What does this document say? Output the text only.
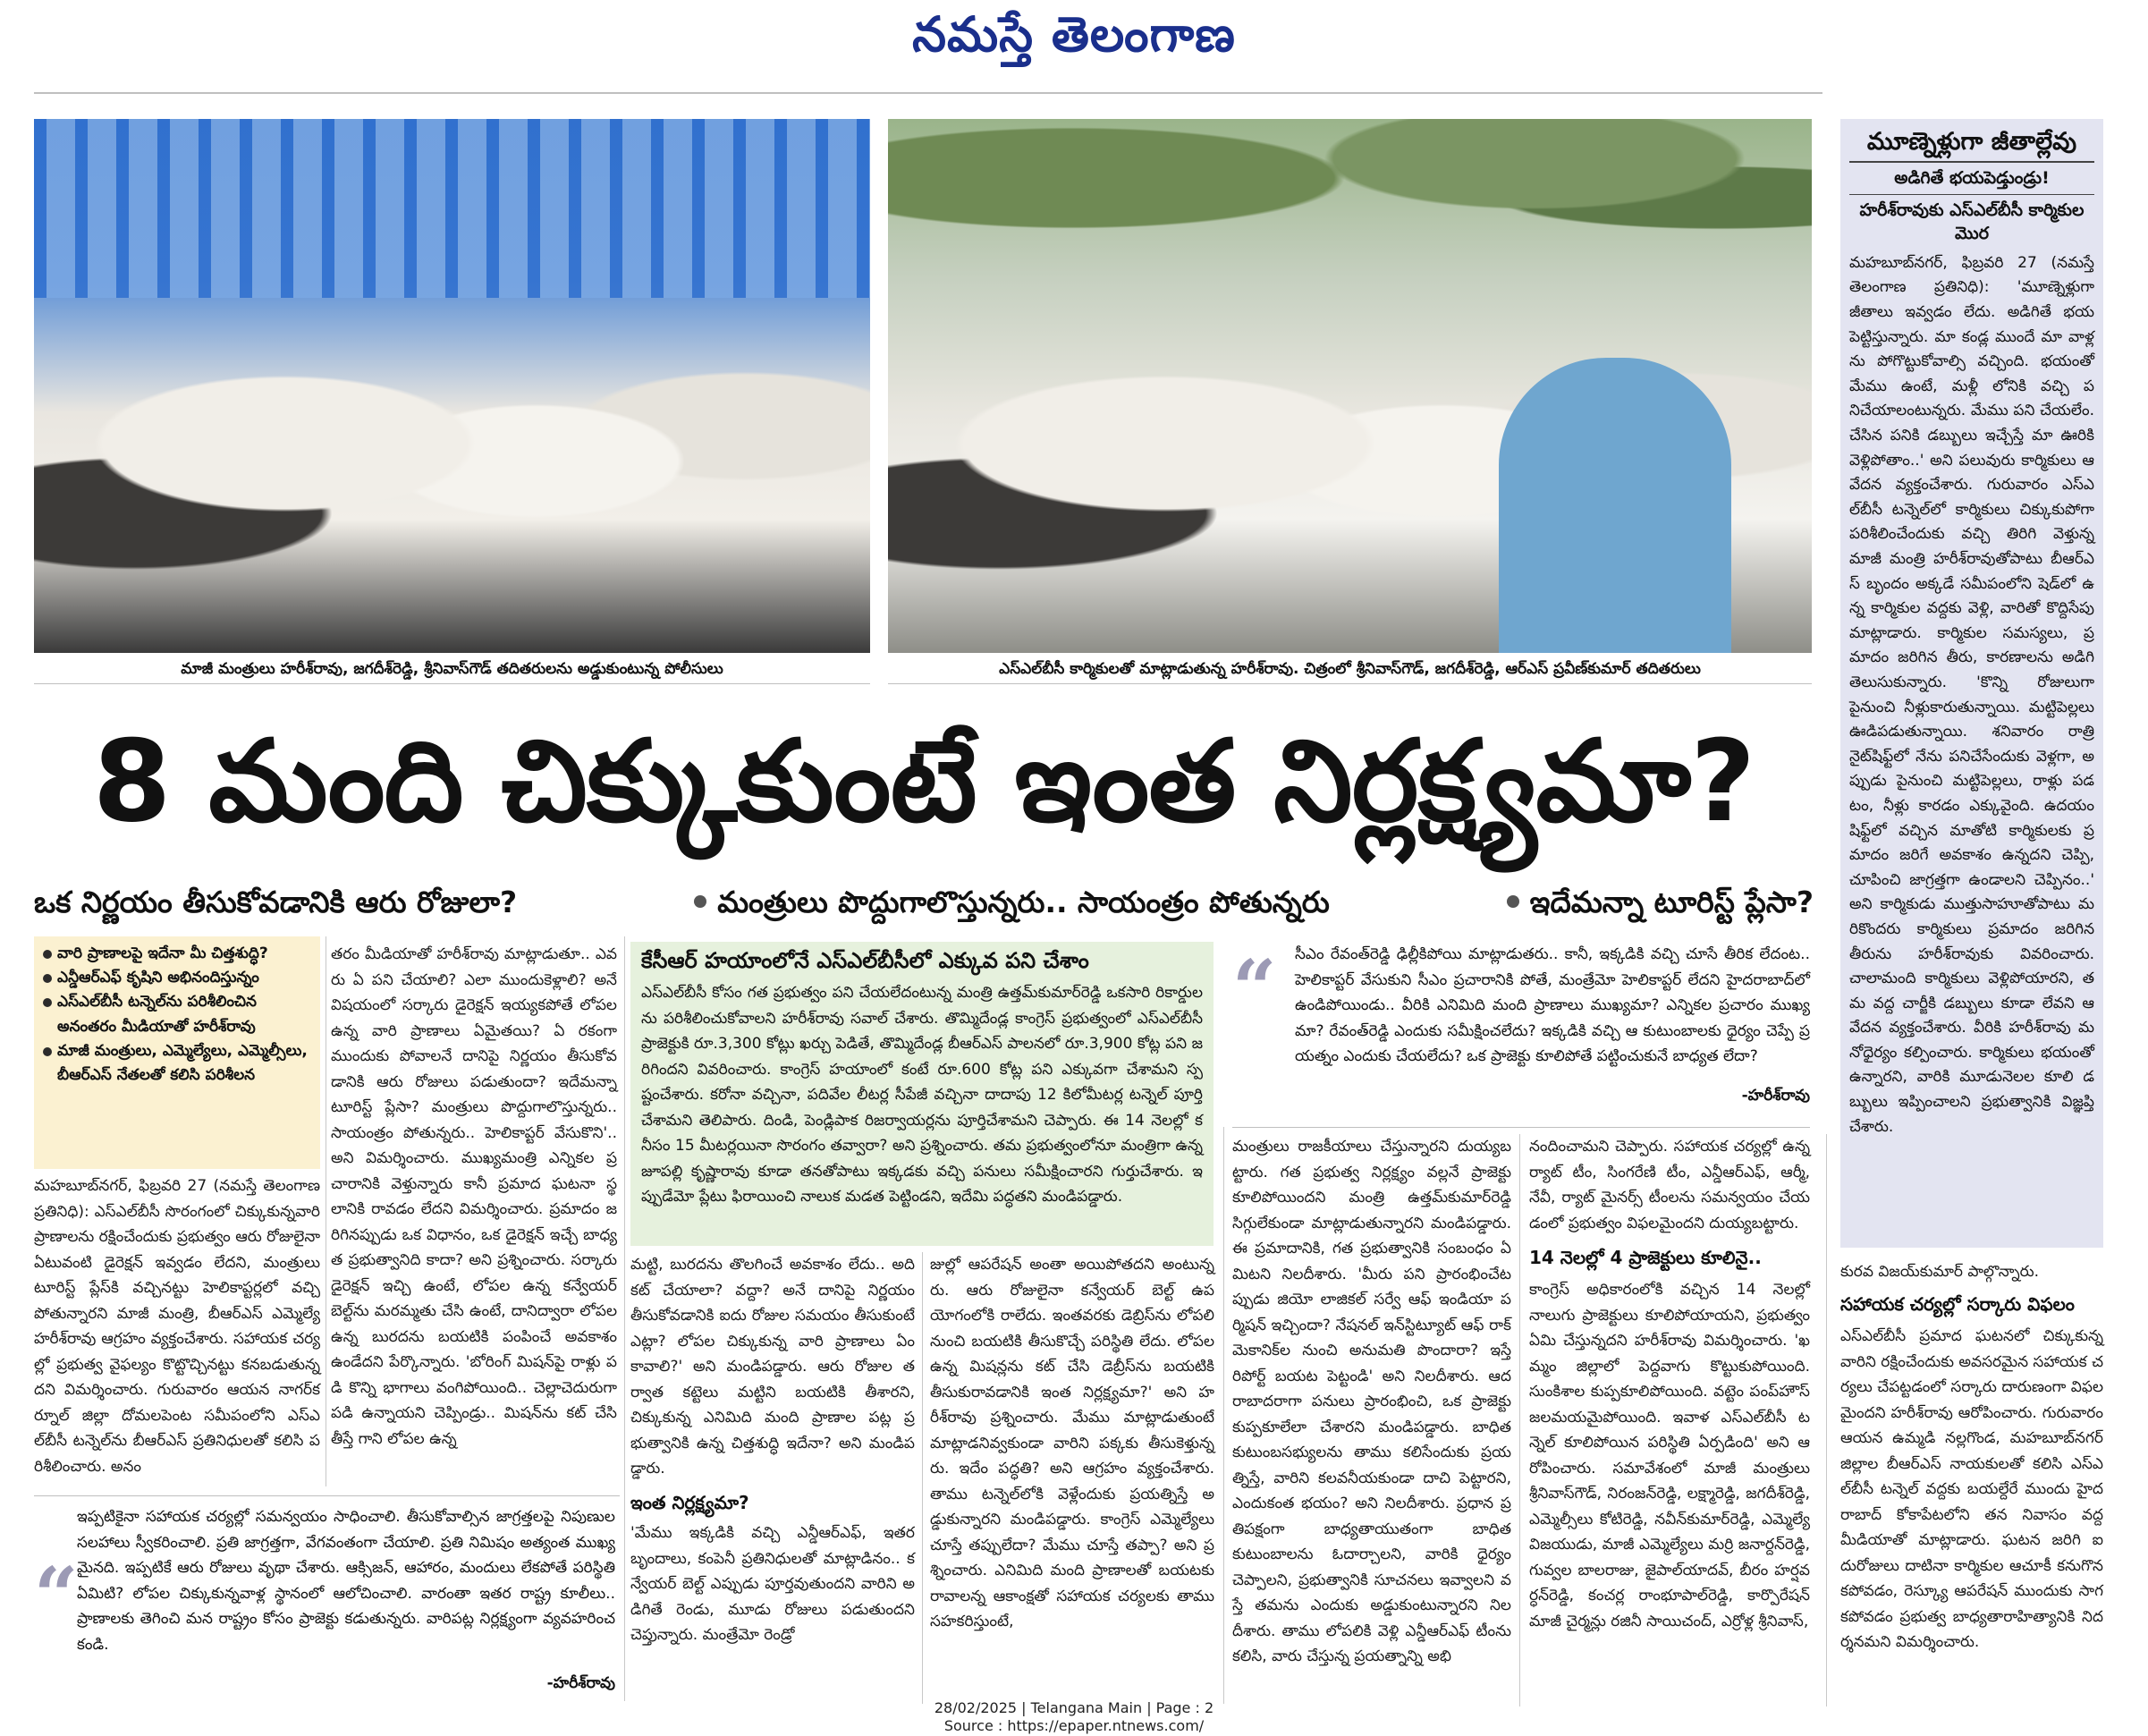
నమస్తే తెలంగాణ
మాజీ మంత్రులు హరీశ్‌రావు, జగదీశ్‌రెడ్డి, శ్రీనివాస్‌గౌడ్ తదితరులను అడ్డుకుంటున్న పోలీసులు	ఎస్‌ఎల్‌బీసీ కార్మికులతో మాట్లాడుతున్న హరీశ్‌రావు. చిత్రంలో శ్రీనివాస్‌గౌడ్, జగదీశ్‌రెడ్డి, ఆర్‌ఎస్ ప్రవీణ్‌కుమార్ తదితరులు
8 మంది చిక్కుకుంటే ఇంత నిర్లక్ష్యమా?
ఒక నిర్ణయం తీసుకోవడానికి ఆరు రోజులా?	మంత్రులు పొద్దుగాలొస్తున్నరు.. సాయంత్రం పోతున్నరు	ఇదేమన్నా టూరిస్ట్ ప్లేసా?
వారి ప్రాణాలపై ఇదేనా మీ చిత్తశుద్ధి?
ఎన్డీఆర్‌ఎఫ్ కృషిని అభినందిస్తున్నం
ఎస్‌ఎల్‌బీసీ టన్నెల్‌ను పరిశీలించిన అనంతరం మీడియాతో హరీశ్‌రావు
మాజీ మంత్రులు, ఎమ్మెల్యేలు, ఎమ్మెల్సీలు, బీఆర్‌ఎస్ నేతలతో కలిసి పరిశీలన
మహబూబ్‌నగర్, ఫిబ్రవరి 27 (నమస్తే తెలంగాణ ప్రతినిధి): ఎస్‌ఎల్‌బీసీ సొరంగంలో చిక్కుకున్నవారి ప్రాణాలను రక్షించేందుకు ప్రభుత్వం ఆరు రోజులైనా ఏటువంటి డైరెక్షన్ ఇవ్వడం లేదని, మంత్రులు టూరిస్ట్ ప్లేస్‌కి వచ్చినట్టు హెలికాప్టర్లలో వచ్చి పోతున్నారని మాజీ మంత్రి, బీఆర్‌ఎస్ ఎమ్మెల్యే హరీశ్‌రావు ఆగ్రహం వ్యక్తంచేశారు. సహాయక చర్యల్లో ప్రభుత్వ వైఫల్యం కొట్టొచ్చినట్టు కనబడుతున్నదని విమర్శించారు. గురువారం ఆయన నాగర్‌కర్నూల్ జిల్లా దోమలపెంట సమీపంలోని ఎస్‌ఎల్‌బీసీ టన్నెల్‌ను బీఆర్‌ఎస్ ప్రతినిధులతో కలిసి పరిశీలించారు. అనం
తరం మీడియాతో హరీశ్‌రావు మాట్లాడుతూ.. ఎవరు ఏ పని చేయాలి? ఎలా ముందుకెళ్లాలి? అనే విషయంలో సర్కారు డైరెక్షన్ ఇయ్యకపోతే లోపల ఉన్న వారి ప్రాణాలు ఏమైతయి? ఏ రకంగా ముందుకు పోవాలనే దానిపై నిర్ణయం తీసుకోవడానికి ఆరు రోజులు పడుతుందా? ఇదేమన్నా టూరిస్ట్ ప్లేసా? మంత్రులు పొద్దుగాలొస్తున్నరు.. సాయంత్రం పోతున్నరు.. హెలికాప్టర్ వేసుకొని'.. అని విమర్శించారు. ముఖ్యమంత్రి ఎన్నికల ప్రచారానికి వెళ్తున్నారు కానీ ప్రమాద ఘటనా స్థలానికి రావడం లేదని విమర్శించారు. ప్రమాదం జరిగినప్పుడు ఒక విధానం, ఒక డైరెక్షన్ ఇచ్చే బాధ్యత ప్రభుత్వానిది కాదా? అని ప్రశ్నించారు. సర్కారు డైరెక్షన్ ఇచ్చి ఉంటే, లోపల ఉన్న కన్వేయర్ బెల్ట్‌ను మరమ్మతు చేసి ఉంటే, దానిద్వారా లోపల ఉన్న బురదను బయటికి పంపించే అవకాశం ఉండేదని పేర్కొన్నారు. 'బోరింగ్ మిషన్‌పై రాళ్లు పడి కొన్ని భాగాలు వంగిపోయింది.. చెల్లాచెదురుగా పడి ఉన్నాయని చెప్పిండ్రు.. మిషన్‌ను కట్ చేసి తీస్తే గాని లోపల ఉన్న
కేసీఆర్ హయాంలోనే ఎస్‌ఎల్‌బీసీలో ఎక్కువ పని చేశాం
ఎస్‌ఎల్‌బీసీ కోసం గత ప్రభుత్వం పని చేయలేదంటున్న మంత్రి ఉత్తమ్‌కుమార్‌రెడ్డి ఒకసారి రికార్డులను పరిశీలించుకోవాలని హరీశ్‌రావు సవాల్ చేశారు. తొమ్మిదేండ్ల కాంగ్రెస్ ప్రభుత్వంలో ఎస్‌ఎల్‌బీసీ ప్రాజెక్టుకి రూ.3,300 కోట్లు ఖర్చు పెడితే, తొమ్మిదేండ్ల బీఆర్‌ఎస్ పాలనలో రూ.3,900 కోట్ల పని జరిగిందని వివరించారు. కాంగ్రెస్ హయాంలో కంటే రూ.600 కోట్ల పని ఎక్కువగా చేశామని స్పష్టంచేశారు. కరోనా వచ్చినా, పదివేల లీటర్ల సీపేజీ వచ్చినా దాదాపు 12 కిలోమీటర్ల టన్నెల్ పూర్తి చేశామని తెలిపారు. దిండి, పెండ్లిపాక రిజర్వాయర్లను పూర్తిచేశామని చెప్పారు. ఈ 14 నెలల్లో కనీసం 15 మీటర్లయినా సొరంగం తవ్వారా? అని ప్రశ్నించారు. తమ ప్రభుత్వంలోనూ మంత్రిగా ఉన్న జూపల్లి కృష్ణారావు కూడా తనతోపాటు ఇక్కడకు వచ్చి పనులు సమీక్షించారని గుర్తుచేశారు. ఇప్పుడేమో ప్లేటు ఫిరాయించి నాలుక మడత పెట్టిండని, ఇదేమి పద్ధతని మండిపడ్డారు.
“ సీఎం రేవంత్‌రెడ్డి ఢిల్లీకిపోయి మాట్లాడుతరు.. కానీ, ఇక్కడికి వచ్చి చూసే తీరిక లేదంట.. హెలికాప్టర్ వేసుకుని సీఎం ప్రచారానికి పోతే, మంత్రేమో హెలికాప్టర్ లేదని హైదరాబాద్‌లో ఉండిపోయిండు.. వీరికి ఎనిమిది మంది ప్రాణాలు ముఖ్యమా? ఎన్నికల ప్రచారం ముఖ్యమా? రేవంత్‌రెడ్డి ఎందుకు సమీక్షించలేదు? ఇక్కడికి వచ్చి ఆ కుటుంబాలకు ధైర్యం చెప్పే ప్రయత్నం ఎందుకు చేయలేదు? ఒక ప్రాజెక్టు కూలిపోతే పట్టించుకునే బాధ్యత లేదా?
-హరీశ్‌రావు
మంత్రులు రాజకీయాలు చేస్తున్నారని దుయ్యబట్టారు. గత ప్రభుత్వ నిర్లక్ష్యం వల్లనే ప్రాజెక్టు కూలిపోయిందని మంత్రి ఉత్తమ్‌కుమార్‌రెడ్డి సిగ్గులేకుండా మాట్లాడుతున్నారని మండిపడ్డారు. ఈ ప్రమాదానికి, గత ప్రభుత్వానికి సంబంధం ఏమిటని నిలదీశారు. 'మీరు పని ప్రారంభించేటప్పుడు జియో లాజికల్ సర్వే ఆఫ్ ఇండియా పర్మిషన్ ఇచ్చిందా? నేషనల్ ఇన్‌స్టిట్యూట్ ఆఫ్ రాక్ మెకానిక్‌ల నుంచి అనుమతి పొందారా? ఇస్తే రిపోర్ట్ బయట పెట్టండి' అని నిలదీశారు. ఆదరాబాదరాగా పనులు ప్రారంభించి, ఒక ప్రాజెక్టు కుప్పకూలేలా చేశారని మండిపడ్డారు. బాధిత కుటుంబసభ్యులను తాము కలిసేందుకు ప్రయత్నిస్తే, వారిని కలవనీయకుండా దాచి పెట్టారని, ఎందుకంత భయం? అని నిలదీశారు. ప్రధాన ప్రతిపక్షంగా బాధ్యతాయుతంగా బాధిత కుటుంబాలను ఓదార్చాలని, వారికి ధైర్యం చెప్పాలని, ప్రభుత్వానికి సూచనలు ఇవ్వాలని వస్తే తమను ఎందుకు అడ్డుకుంటున్నారని నిలదీశారు. తాము లోపలికి వెళ్లి ఎన్డీఆర్‌ఎఫ్ టీంను కలిసి, వారు చేస్తున్న ప్రయత్నాన్ని అభి
నందించామని చెప్పారు. సహాయక చర్యల్లో ఉన్న ర్యాట్ టీం, సింగరేణి టీం, ఎన్డీఆర్‌ఎఫ్, ఆర్మీ, నేవీ, ర్యాట్ మైనర్స్ టీంలను సమన్వయం చేయడంలో ప్రభుత్వం విఫలమైందని దుయ్యబట్టారు.
14 నెలల్లో 4 ప్రాజెక్టులు కూలినై..
కాంగ్రెస్ అధికారంలోకి వచ్చిన 14 నెలల్లో నాలుగు ప్రాజెక్టులు కూలిపోయాయని, ప్రభుత్వం ఏమి చేస్తున్నదని హరీశ్‌రావు విమర్శించారు. 'ఖమ్మం జిల్లాలో పెద్దవాగు కొట్టుకుపోయింది. సుంకిశాల కుప్పకూలిపోయింది. వట్టెం పంప్‌హౌస్ జలమయమైపోయింది. ఇవాళ ఎస్‌ఎల్‌బీసీ టన్నెల్ కూలిపోయిన పరిస్థితి ఏర్పడింది' అని ఆరోపించారు. సమావేశంలో మాజీ మంత్రులు శ్రీనివాస్‌గౌడ్, నిరంజన్‌రెడ్డి, లక్ష్మారెడ్డి, జగదీశ్‌రెడ్డి, ఎమ్మెల్సీలు కోటిరెడ్డి, నవీన్‌కుమార్‌రెడ్డి, ఎమ్మెల్యే విజయుడు, మాజీ ఎమ్మెల్యేలు మర్రి జనార్దన్‌రెడ్డి, గువ్వల బాలరాజు, జైపాల్‌యాదవ్, బీరం హర్షవర్ధన్‌రెడ్డి, కంచర్ల రాంభూపాల్‌రెడ్డి, కార్పొరేషన్ మాజీ చైర్మన్లు రజినీ సాయిచంద్, ఎర్రోళ్ల శ్రీనివాస్,
మట్టి, బురదను తొలగించే అవకాశం లేదు.. అది కట్ చేయాలా? వద్దా? అనే దానిపై నిర్ణయం తీసుకోవడానికి ఐదు రోజుల సమయం తీసుకుంటే ఎట్లా? లోపల చిక్కుకున్న వారి ప్రాణాలు ఏం కావాలి?' అని మండిపడ్డారు. ఆరు రోజుల తర్వాత కట్టెలు మట్టిని బయటికి తీశారని, చిక్కుకున్న ఎనిమిది మంది ప్రాణాల పట్ల ప్రభుత్వానికి ఉన్న చిత్తశుద్ధి ఇదేనా? అని మండిపడ్డారు.
ఇంత నిర్లక్ష్యమా?
'మేము ఇక్కడికి వచ్చి ఎన్డీఆర్‌ఎఫ్, ఇతర బృందాలు, కంపెనీ ప్రతినిధులతో మాట్లాడినం.. కన్వేయర్ బెల్ట్ ఎప్పుడు పూర్తవుతుందని వారిని అడిగితే రెండు, మూడు రోజులు పడుతుందని చెప్తున్నారు. మంత్రేమో రెండ్రో
జుల్లో ఆపరేషన్ అంతా అయిపోతదని అంటున్నరు. ఆరు రోజులైనా కన్వేయర్ బెల్ట్ ఉపయోగంలోకి రాలేదు. ఇంతవరకు డెబ్రిస్‌ను లోపలి నుంచి బయటికి తీసుకొచ్చే పరిస్థితి లేదు. లోపల ఉన్న మిషన్లను కట్ చేసి డెబ్రీస్‌ను బయటికి తీసుకురావడానికి ఇంత నిర్లక్ష్యమా?' అని హరీశ్‌రావు ప్రశ్నించారు. మేము మాట్లాడుతుంటే మాట్లాడనివ్వకుండా వారిని పక్కకు తీసుకెళ్తున్నరు. ఇదేం పద్ధతి? అని ఆగ్రహం వ్యక్తంచేశారు. తాము టన్నెల్‌లోకి వెళ్లేందుకు ప్రయత్నిస్తే అడ్డుకున్నారని మండిపడ్డారు. కాంగ్రెస్ ఎమ్మెల్యేలు చూస్తే తప్పులేదా? మేము చూస్తే తప్పా? అని ప్రశ్నించారు. ఎనిమిది మంది ప్రాణాలతో బయటకు రావాలన్న ఆకాంక్షతో సహాయక చర్యలకు తాము సహకరిస్తుంటే,
“
ఇప్పటికైనా సహాయక చర్యల్లో సమన్వయం సాధించాలి. తీసుకోవాల్సిన జాగ్రత్తలపై నిపుణుల సలహాలు స్వీకరించాలి. ప్రతి జాగ్రత్తగా, వేగవంతంగా చేయాలి. ప్రతి నిమిషం అత్యంత ముఖ్యమైనది. ఇప్పటికే ఆరు రోజులు వృథా చేశారు. ఆక్సిజన్, ఆహారం, మందులు లేకపోతే పరిస్థితి ఏమిటి? లోపల చిక్కుకున్నవాళ్ల స్థానంలో ఆలోచించాలి. వారంతా ఇతర రాష్ట్ర కూలీలు.. ప్రాణాలకు తెగించి మన రాష్ట్రం కోసం ప్రాజెక్టు కడుతున్నరు. వారిపట్ల నిర్లక్ష్యంగా వ్యవహరించకండి.
-హరీశ్‌రావు
మూణ్నెళ్లుగా జీతాల్లేవు
అడిగితే భయపెడ్తుండ్రు!
హరీశ్‌రావుకు ఎస్‌ఎల్‌బీసీ కార్మికుల మొర
మహబూబ్‌నగర్, ఫిబ్రవరి 27 (నమస్తే తెలంగాణ ప్రతినిధి): 'మూణ్నెళ్లుగా జీతాలు ఇవ్వడం లేదు. అడిగితే భయపెట్టిస్తున్నారు. మా కండ్ల ముందే మా వాళ్లను పోగొట్టుకోవాల్సి వచ్చింది. భయంతో మేము ఉంటే, మళ్లీ లోనికి వచ్చి పనిచేయాలంటున్నరు. మేము పని చేయలేం. చేసిన పనికి డబ్బులు ఇచ్చేస్తే మా ఊరికి వెళ్లిపోతాం..' అని పలువురు కార్మికులు ఆవేదన వ్యక్తంచేశారు. గురువారం ఎస్‌ఎల్‌బీసీ టన్నెల్‌లో కార్మికులు చిక్కుకుపోగా పరిశీలించేందుకు వచ్చి తిరిగి వెళ్తున్న మాజీ మంత్రి హరీశ్‌రావుతోపాటు బీఆర్‌ఎస్ బృందం అక్కడే సమీపంలోని షెడ్‌లో ఉన్న కార్మికుల వద్దకు వెళ్లి, వారితో కొద్దిసేపు మాట్లాడారు. కార్మికుల సమస్యలు, ప్రమాదం జరిగిన తీరు, కారణాలను అడిగి తెలుసుకున్నారు. 'కొన్ని రోజులుగా పైనుంచి నీళ్లుకారుతున్నాయి. మట్టిపెల్లలు ఊడిపడుతున్నాయి. శనివారం రాత్రి నైట్‌షిఫ్ట్‌లో నేను పనిచేసేందుకు వెళ్లగా, అప్పుడు పైనుంచి మట్టిపెల్లలు, రాళ్లు పడటం, నీళ్లు కారడం ఎక్కువైంది. ఉదయం షిఫ్ట్‌లో వచ్చిన మాతోటి కార్మికులకు ప్రమాదం జరిగే అవకాశం ఉన్నదని చెప్పి, చూపించి జాగ్రత్తగా ఉండాలని చెప్పినం..' అని కార్మికుడు ముత్తుసాహూతోపాటు మరికొందరు కార్మికులు ప్రమాదం జరిగిన తీరును హరీశ్‌రావుకు వివరించారు. చాలామంది కార్మికులు వెళ్లిపోయారని, తమ వద్ద చార్జీకి డబ్బులు కూడా లేవని ఆవేదన వ్యక్తంచేశారు. వీరికి హరీశ్‌రావు మనోధైర్యం కల్పించారు. కార్మికులు భయంతో ఉన్నారని, వారికి మూడునెలల కూలి డబ్బులు ఇప్పించాలని ప్రభుత్వానికి విజ్ఞప్తి చేశారు.
కురవ విజయ్‌కుమార్ పాల్గొన్నారు.
సహాయక చర్యల్లో సర్కారు విఫలం
ఎస్‌ఎల్‌బీసీ ప్రమాద ఘటనలో చిక్కుకున్న వారిని రక్షించేందుకు అవసరమైన సహాయక చర్యలు చేపట్టడంలో సర్కారు దారుణంగా విఫలమైందని హరీశ్‌రావు ఆరోపించారు. గురువారం ఆయన ఉమ్మడి నల్లగొండ, మహబూబ్‌నగర్ జిల్లాల బీఆర్‌ఎస్ నాయకులతో కలిసి ఎస్‌ఎల్‌బీసీ టన్నెల్ వద్దకు బయల్దేరే ముందు హైదరాబాద్ కోకాపేటలోని తన నివాసం వద్ద మీడియాతో మాట్లాడారు. ఘటన జరిగి ఐదురోజులు దాటినా కార్మికుల ఆచూకీ కనుగొనకపోవడం, రెస్క్యూ ఆపరేషన్ ముందుకు సాగకపోవడం ప్రభుత్వ బాధ్యతారాహిత్యానికి నిదర్శనమని విమర్శించారు.
28/02/2025 | Telangana Main | Page : 2
Source : https://epaper.ntnews.com/
